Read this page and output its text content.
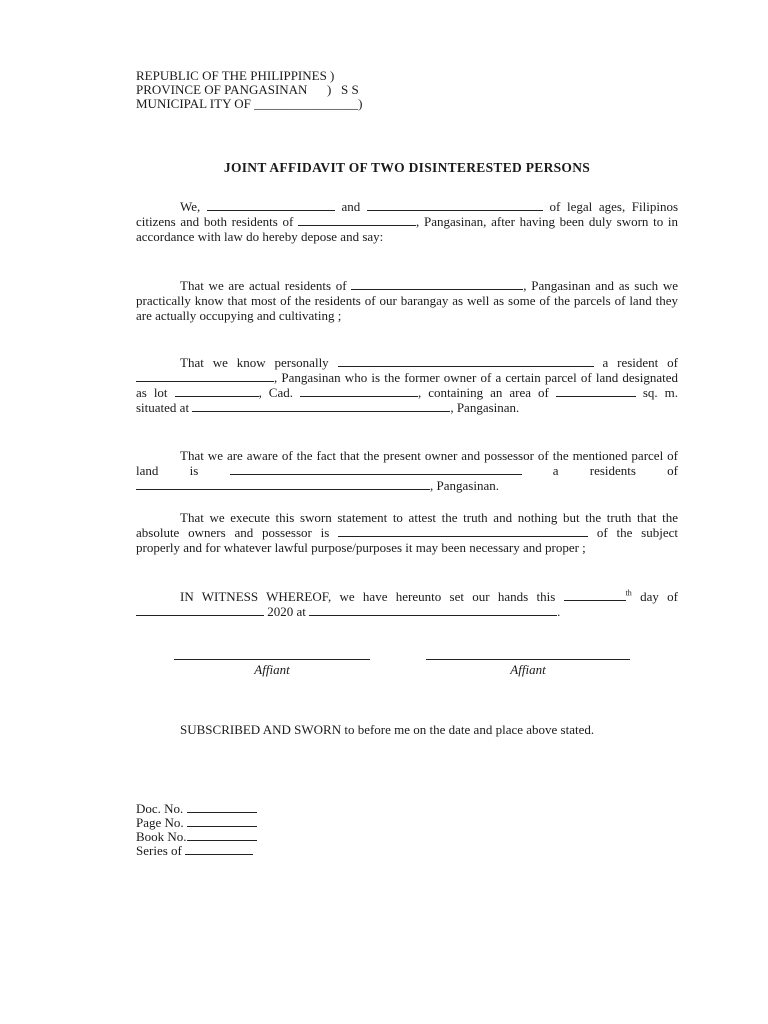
REPUBLIC OF THE PHILIPPINES )
PROVINCE OF PANGASINAN      )   S S
MUNICIPAL ITY OF ________________)
JOINT AFFIDAVIT OF TWO DISINTERESTED PERSONS
We,	and	of legal ages, Filipinos citizens and both residents of	, Pangasinan, after having been duly sworn to in accordance with law do hereby depose and say:
That we are actual residents of	, Pangasinan and as such we practically know that most of the residents of our barangay as well as some of the parcels of land they are actually occupying and cultivating ;
That we know personally	a resident of , Pangasinan who is the former owner of a certain parcel of land designated as lot	, Cad.	, containing an area of	sq. m. situated at	, Pangasinan.
That we are aware of the fact that the present owner and possessor of the mentioned parcel of land is	a residents of , Pangasinan.
That we execute this sworn statement to attest the truth and nothing but the truth that the absolute owners and possessor is	of the subject properly and for whatever lawful purpose/purposes it may been necessary and proper ;
IN WITNESS WHEREOF, we have hereunto set our hands this	$^{th}$ day of  2020 at	.
Affiant	Affiant
SUBSCRIBED AND SWORN to before me on the date and place above stated.
Doc. No.
Page No.
Book No.
Series of
